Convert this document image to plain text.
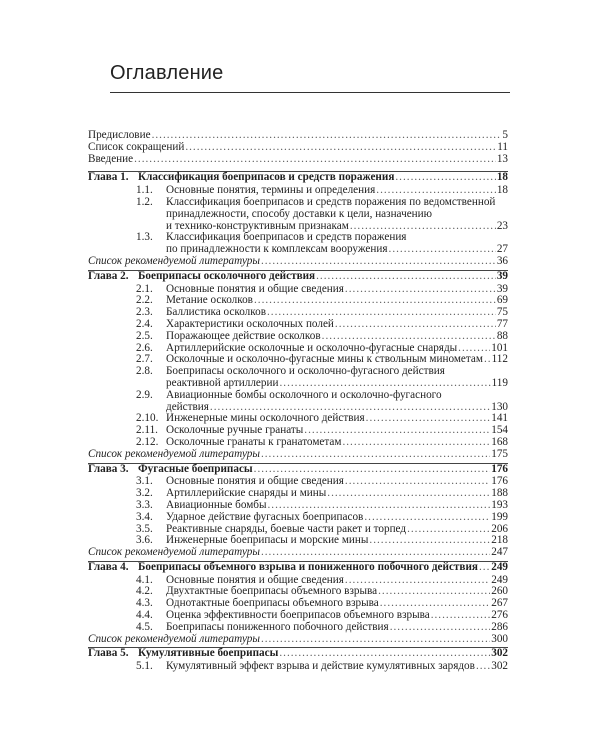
Оглавление
Предисловие .....	5
Список сокращений .....	11
Введение .....	13
Глава 1. Классификация боеприпасов и средств поражения .....	18
1.1. Основные понятия, термины и определения .....	18
1.2. Классификация боеприпасов и средств поражения по ведомственной
принадлежности, способу доставки к цели, назначению
и технико-конструктивным признакам .....	23
1.3. Классификация боеприпасов и средств поражения
по принадлежности к комплексам вооружения .....	27
Список рекомендуемой литературы .....	36
Глава 2. Боеприпасы осколочного действия .....	39
2.1. Основные понятия и общие сведения .....	39
2.2. Метание осколков .....	69
2.3. Баллистика осколков .....	75
2.4. Характеристики осколочных полей .....	77
2.5. Поражающее действие осколков .....	88
2.6. Артиллерийские осколочные и осколочно-фугасные снаряды .....	101
2.7. Осколочные и осколочно-фугасные мины к ствольным минометам ..... 112
2.8. Боеприпасы осколочного и осколочно-фугасного действия
реактивной артиллерии .....	119
2.9. Авиационные бомбы осколочного и осколочно-фугасного
действия .....	130
2.10. Инженерные мины осколочного действия .....	141
2.11. Осколочные ручные гранаты .....	154
2.12. Осколочные гранаты к гранатометам .....	168
Список рекомендуемой литературы .....	175
Глава 3. Фугасные боеприпасы .....	176
3.1. Основные понятия и общие сведения .....	176
3.2. Артиллерийские снаряды и мины .....	188
3.3. Авиационные бомбы .....	193
3.4. Ударное действие фугасных боеприпасов .....	199
3.5. Реактивные снаряды, боевые части ракет и торпед .....	206
3.6. Инженерные боеприпасы и морские мины .....	218
Список рекомендуемой литературы .....	247
Глава 4. Боеприпасы объемного взрыва и пониженного побочного действия ..... 249
4.1. Основные понятия и общие сведения .....	249
4.2. Двухтактные боеприпасы объемного взрыва .....	260
4.3. Однотактные боеприпасы объемного взрыва .....	267
4.4. Оценка эффективности боеприпасов объемного взрыва .....	276
4.5. Боеприпасы пониженного побочного действия .....	286
Список рекомендуемой литературы .....	300
Глава 5. Кумулятивные боеприпасы .....	302
5.1. Кумулятивный эффект взрыва и действие кумулятивных зарядов ..... 302
